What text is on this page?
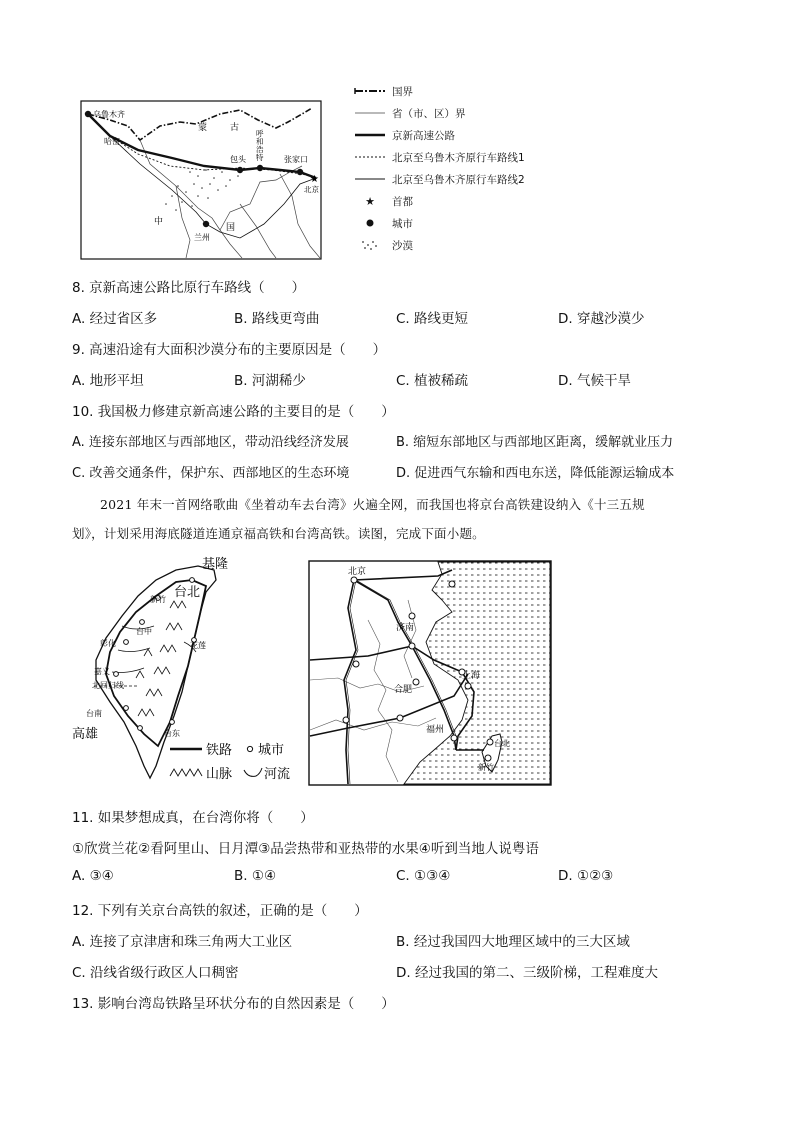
★
乌鲁木齐
哈密
蒙	古
呼
和
浩
特
包头	张家口
北京
中
国
兰州
国界
省（市、区）界
京新高速公路
北京至乌鲁木齐原行车路线1
北京至乌鲁木齐原行车路线2
★	首都
城市
沙漠
8. 京新高速公路比原行车路线（　　）
A. 经过省区多	B. 路线更弯曲	C. 路线更短	D. 穿越沙漠少
9. 高速沿途有大面积沙漠分布的主要原因是（　　）
A. 地形平坦	B. 河湖稀少	C. 植被稀疏	D. 气候干旱
10. 我国极力修建京新高速公路的主要目的是（　　）
A. 连接东部地区与西部地区，带动沿线经济发展	B. 缩短东部地区与西部地区距离，缓解就业压力
C. 改善交通条件，保护东、西部地区的生态环境	D. 促进西气东输和西电东送，降低能源运输成本
2021 年末一首网络歌曲《坐着动车去台湾》火遍全网，而我国也将京台高铁建设纳入《十三五规
划》，计划采用海底隧道连通京福高铁和台湾高铁。读图，完成下面小题。
基隆
台北
新竹
彰化
台中
花莲
嘉义
北回归线
台南
台东
高雄
铁路 城市
山脉 河流
北京
济南
上海
合肥
福州
台北
新竹
11. 如果梦想成真，在台湾你将（　　）
①欣赏兰花②看阿里山、日月潭③品尝热带和亚热带的水果④听到当地人说粤语
A. ③④	B. ①④	C. ①③④	D. ①②③
12. 下列有关京台高铁的叙述，正确的是（　　）
A. 连接了京津唐和珠三角两大工业区	B. 经过我国四大地理区域中的三大区域
C. 沿线省级行政区人口稠密	D. 经过我国的第二、三级阶梯，工程难度大
13. 影响台湾岛铁路呈环状分布的自然因素是（　　）
